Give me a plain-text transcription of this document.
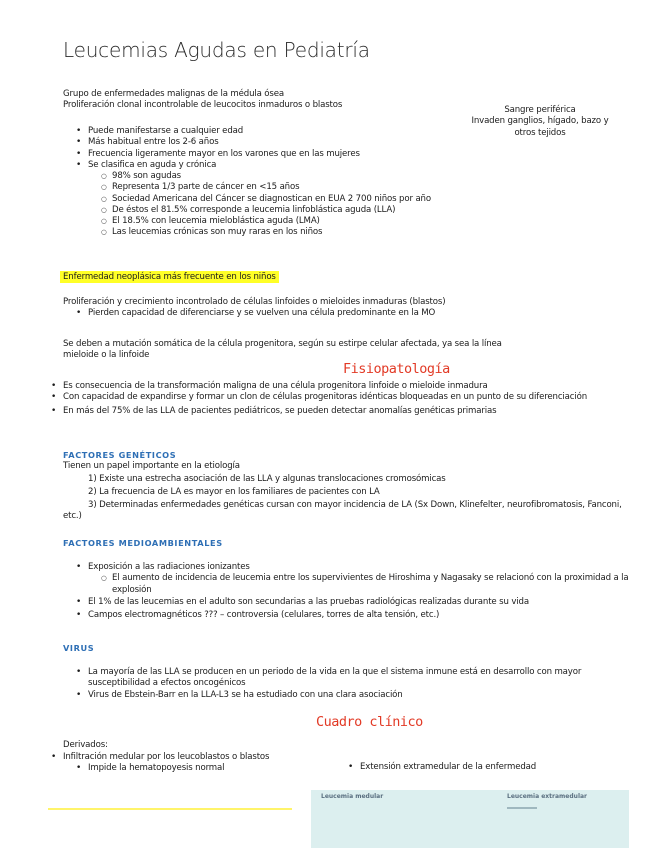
Leucemias Agudas en Pediatría
Grupo de enfermedades malignas de la médula ósea
Proliferación clonal incontrolable de leucocitos inmaduros o blastos	Sangre periférica
Invaden ganglios, hígado, bazo y
otros tejidos
• Puede manifestarse a cualquier edad
• Más habitual entre los 2-6 años
• Frecuencia ligeramente mayor en los varones que en las mujeres
• Se clasifica en aguda y crónica
○ 98% son agudas
○ Representa 1/3 parte de cáncer en <15 años
○ Sociedad Americana del Cáncer se diagnostican en EUA 2 700 niños por año
○ De éstos el 81.5% corresponde a leucemia linfoblástica aguda (LLA)
○ El 18.5% con leucemia mieloblástica aguda (LMA)
○ Las leucemias crónicas son muy raras en los niños
Enfermedad neoplásica más frecuente en los niños
Proliferación y crecimiento incontrolado de células linfoides o mieloides inmaduras (blastos)
• Pierden capacidad de diferenciarse y se vuelven una célula predominante en la MO
Se deben a mutación somática de la célula progenitora, según su estirpe celular afectada, ya sea la línea
mieloide o la linfoide
Fisiopatología
• Es consecuencia de la transformación maligna de una célula progenitora linfoide o mieloide inmadura
• Con capacidad de expandirse y formar un clon de células progenitoras idénticas bloqueadas en un punto de su diferenciación
• En más del 75% de las LLA de pacientes pediátricos, se pueden detectar anomalías genéticas primarias
FACTORES GENÉTICOS
Tienen un papel importante en la etiología
1) Existe una estrecha asociación de las LLA y algunas translocaciones cromosómicas
2) La frecuencia de LA es mayor en los familiares de pacientes con LA
3) Determinadas enfermedades genéticas cursan con mayor incidencia de LA (Sx Down, Klinefelter, neurofibromatosis, Fanconi, etc.)
FACTORES MEDIOAMBIENTALES
• Exposición a las radiaciones ionizantes
○ El aumento de incidencia de leucemia entre los supervivientes de Hiroshima y Nagasaky se relacionó con la proximidad a la explosión
• El 1% de las leucemias en el adulto son secundarias a las pruebas radiológicas realizadas durante su vida
• Campos electromagnéticos ??? – controversia (celulares, torres de alta tensión, etc.)
VIRUS
• La mayoría de las LLA se producen en un periodo de la vida en la que el sistema inmune está en desarrollo con mayor susceptibilidad a efectos oncogénicos
• Virus de Ebstein-Barr en la LLA-L3 se ha estudiado con una clara asociación
Cuadro clínico
Derivados:
• Infiltración medular por los leucoblastos o blastos
• Impide la hematopoyesis normal
•	Extensión extramedular de la enfermedad
Leucemia medular	Leucemia extramedular
